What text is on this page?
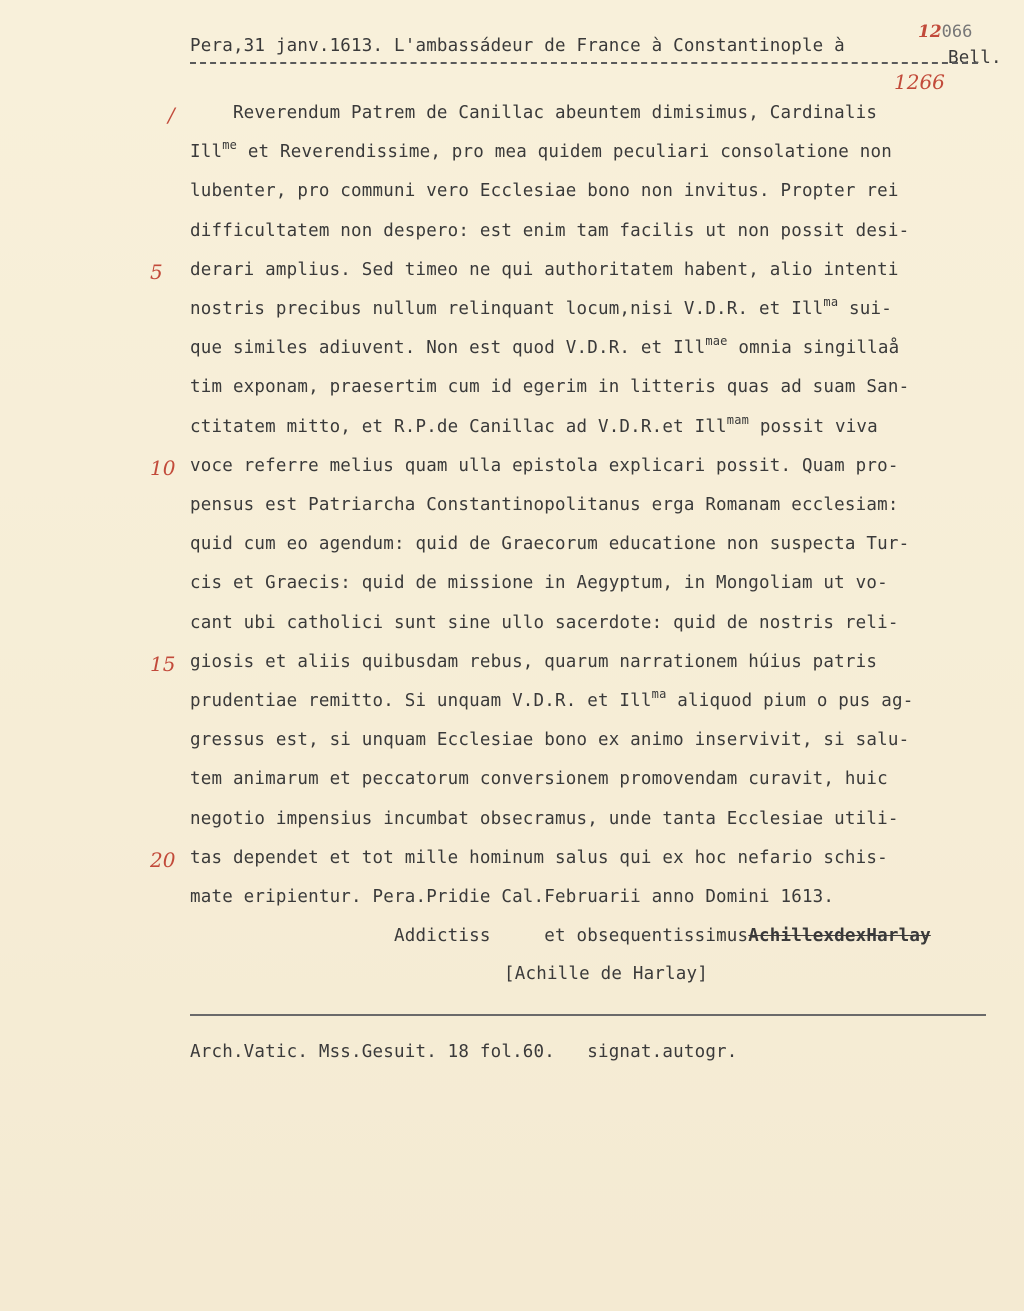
12066
Pera,31 janv.1613. L'ambassádeur de France à Constantinople à
Bell.
1266
/
5
10
15
20
Reverendum Patrem de Canillac abeuntem dimisimus, Cardinalis
Ill$^{me}$ et Reverendissime, pro mea quidem peculiari consolatione non
lubenter, pro communi vero Ecclesiae bono non invitus. Propter rei
difficultatem non despero: est enim tam facilis ut non possit desi-
derari amplius. Sed timeo ne qui authoritatem habent, alio intenti
nostris precibus nullum relinquant locum,nisi V.D.R. et Ill$^{ma}$ sui-
que similes adiuvent. Non est quod V.D.R. et Ill$^{mae}$ omnia singillaå
tim exponam, praesertim cum id egerim in litteris quas ad suam San-
ctitatem mitto, et R.P.de Canillac ad V.D.R.et Ill$^{mam}$ possit viva
voce referre melius quam ulla epistola explicari possit. Quam pro-
pensus est Patriarcha Constantinopolitanus erga Romanam ecclesiam:
quid cum eo agendum: quid de Graecorum educatione non suspecta Tur-
cis et Graecis: quid de missione in Aegyptum, in Mongoliam ut vo-
cant ubi catholici sunt sine ullo sacerdote: quid de nostris reli-
giosis et aliis quibusdam rebus, quarum narrationem húius patris
prudentiae remitto. Si unquam V.D.R. et Ill$^{ma}$ aliquod pium o pus ag-
gressus est, si unquam Ecclesiae bono ex animo inservivit, si salu-
tem animarum et peccatorum conversionem promovendam curavit, huic
negotio impensius incumbat obsecramus, unde tanta Ecclesiae utili-
tas dependet et tot mille hominum salus qui ex hoc nefario schis-
mate eripientur. Pera.Pridie Cal.Februarii anno Domini 1613.
Addictiss     et obsequentissimusAchillexdexHarlay
[Achille de Harlay]
Arch.Vatic. Mss.Gesuit. 18 fol.60.   signat.autogr.
